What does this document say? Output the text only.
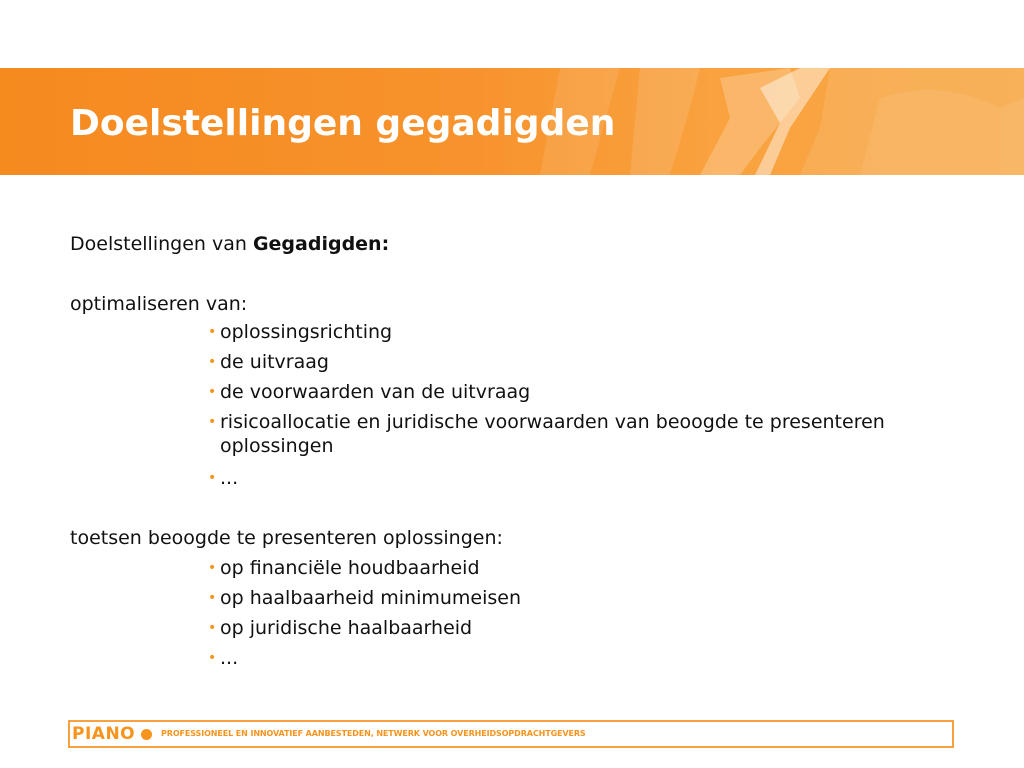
Doelstellingen gegadigden
Doelstellingen van Gegadigden:
optimaliseren van:
• oplossingsrichting
• de uitvraag
• de voorwaarden van de uitvraag
• risicoallocatie en juridische voorwaarden van beoogde te presenteren oplossingen
• ...
toetsen beoogde te presenteren oplossingen:
• op financiële houdbaarheid
• op haalbaarheid minimumeisen
• op juridische haalbaarheid
• ...
PIANO	PROFESSIONEEL EN INNOVATIEF AANBESTEDEN, NETWERK VOOR OVERHEIDSOPDRACHTGEVERS
